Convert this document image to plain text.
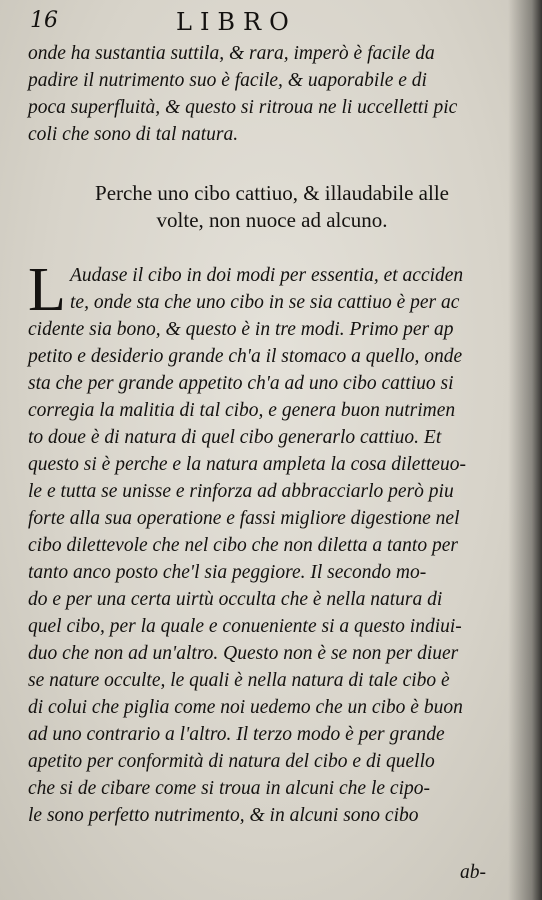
16	LIBRO
onde ha sustantia suttila, & rara, imperò è facile da
padire il nutrimento suo è facile, & uaporabile e di
poca superfluità, & questo si ritroua ne li uccelletti pic
coli che sono di tal natura.
Perche uno cibo cattiuo, & illaudabile alle
volte, non nuoce ad alcuno.
L Audase il cibo in doi modi per essentia, et acciden
te, onde sta che uno cibo in se sia cattiuo è per ac
cidente sia bono, & questo è in tre modi. Primo per ap
petito e desiderio grande ch'a il stomaco a quello, onde
sta che per grande appetito ch'a ad uno cibo cattiuo si
corregia la malitia di tal cibo, e genera buon nutrimen
to doue è di natura di quel cibo generarlo cattiuo. Et
questo si è perche e la natura ampleta la cosa diletteuo-
le e tutta se unisse e rinforza ad abbracciarlo però piu
forte alla sua operatione e fassi migliore digestione nel
cibo dilettevole che nel cibo che non diletta a tanto per
tanto anco posto che'l sia peggiore. Il secondo mo-
do e per una certa uirtù occulta che è nella natura di
quel cibo, per la quale e conueniente si a questo indiui-
duo che non ad un'altro. Questo non è se non per diuer
se nature occulte, le quali è nella natura di tale cibo è
di colui che piglia come noi uedemo che un cibo è buon
ad uno contrario a l'altro. Il terzo modo è per grande
apetito per conformità di natura del cibo e di quello
che si de cibare come si troua in alcuni che le cipo-
le sono perfetto nutrimento, & in alcuni sono cibo
ab-
